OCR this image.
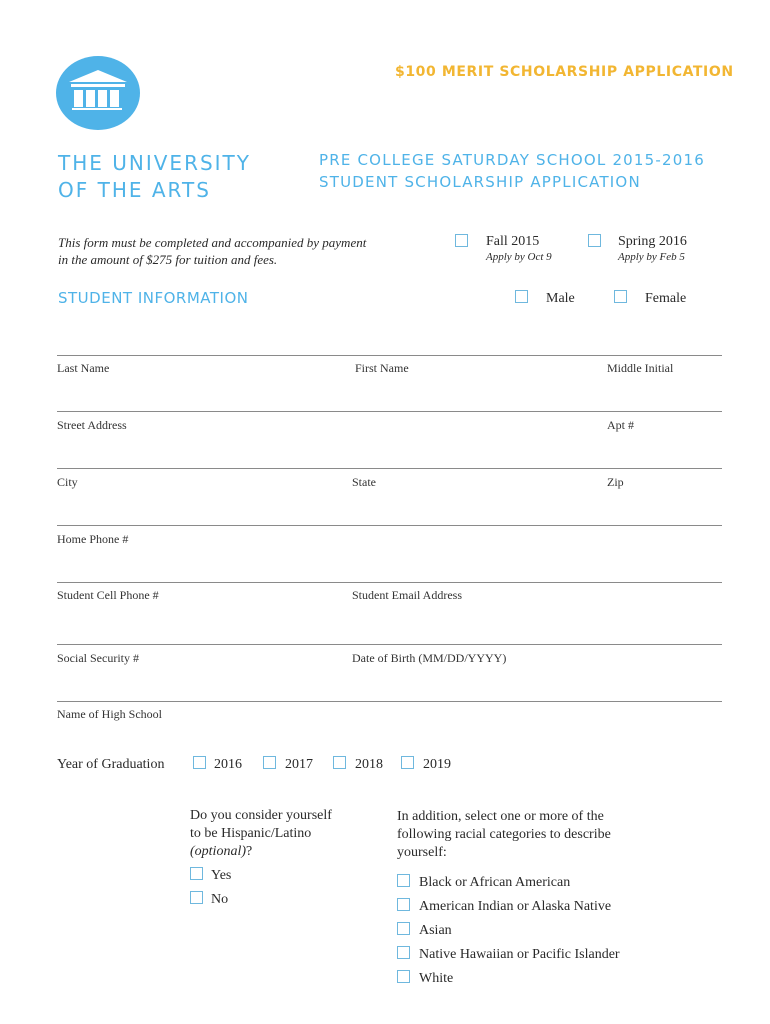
$100 MERIT SCHOLARSHIP APPLICATION
THE UNIVERSITY
OF THE ARTS
PRE COLLEGE SATURDAY SCHOOL 2015-2016
STUDENT SCHOLARSHIP APPLICATION
This form must be completed and accompanied by payment
in the amount of $275 for tuition and fees.
Fall 2015
Apply by Oct 9
Spring 2016
Apply by Feb 5
STUDENT INFORMATION	Male	Female
Last Name	First Name	Middle Initial
Street Address	Apt #
City	State	Zip
Home Phone #
Student Cell Phone #	Student Email Address
Social Security #	Date of Birth (MM/DD/YYYY)
Name of High School
Year of Graduation	2016	2017	2018	2019
Do you consider yourself
to be Hispanic/Latino
(optional)?
Yes
No
In addition, select one or more of the
following racial categories to describe
yourself:
Black or African American
American Indian or Alaska Native
Asian
Native Hawaiian or Pacific Islander
White
